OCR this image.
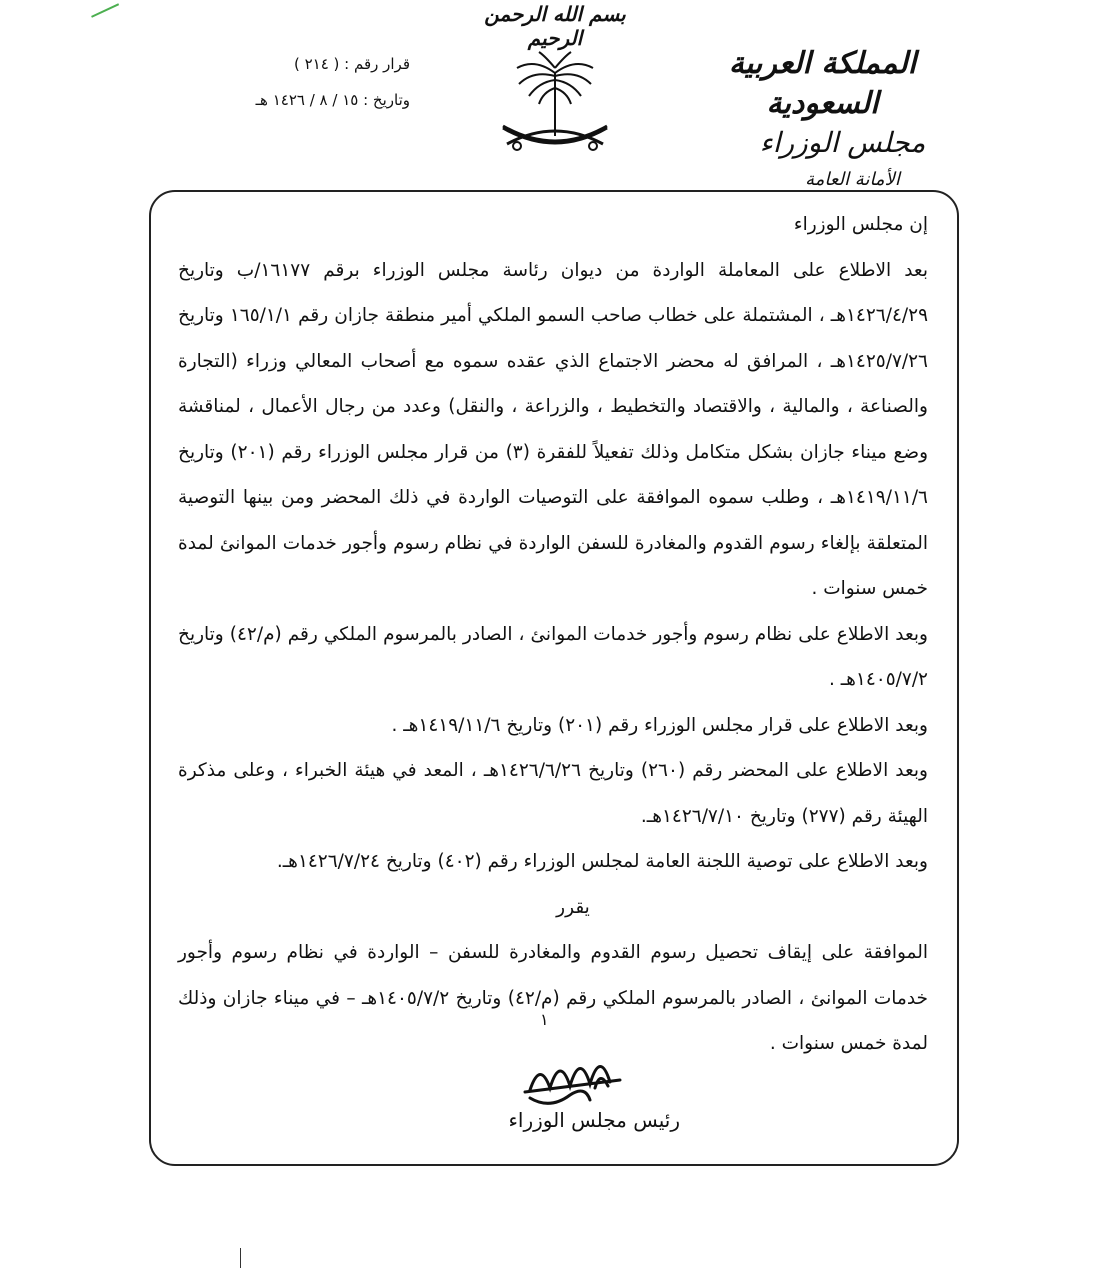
بسم الله الرحمن الرحيم
قرار رقم : ( ٢١٤ )
وتاريخ : ١٥ / ٨ / ١٤٢٦ هـ
المملكة العربية السعودية
مجلس الوزراء
الأمانة العامة

إن مجلس الوزراء

بعد الاطلاع على المعاملة الواردة من ديوان رئاسة مجلس الوزراء برقم ١٦١٧٧/ب وتاريخ ١٤٢٦/٤/٢٩هـ ، المشتملة على خطاب صاحب السمو الملكي أمير منطقة جازان رقم ١٦٥/١/١ وتاريخ ١٤٢٥/٧/٢٦هـ ، المرافق له محضر الاجتماع الذي عقده سموه مع أصحاب المعالي وزراء (التجارة والصناعة ، والمالية ، والاقتصاد والتخطيط ، والزراعة ، والنقل) وعدد من رجال الأعمال ، لمناقشة وضع ميناء جازان بشكل متكامل وذلك تفعيلاً للفقرة (٣) من قرار مجلس الوزراء رقم (٢٠١) وتاريخ ١٤١٩/١١/٦هـ ، وطلب سموه الموافقة على التوصيات الواردة في ذلك المحضر ومن بينها التوصية المتعلقة بإلغاء رسوم القدوم والمغادرة للسفن الواردة في نظام رسوم وأجور خدمات الموانئ لمدة خمس سنوات .

وبعد الاطلاع على نظام رسوم وأجور خدمات الموانئ ، الصادر بالمرسوم الملكي رقم (م/٤٢) وتاريخ ١٤٠٥/٧/٢هـ .

وبعد الاطلاع على قرار مجلس الوزراء رقم (٢٠١) وتاريخ ١٤١٩/١١/٦هـ .

وبعد الاطلاع على المحضر رقم (٢٦٠) وتاريخ ١٤٢٦/٦/٢٦هـ ، المعد في هيئة الخبراء ، وعلى مذكرة الهيئة رقم (٢٧٧) وتاريخ ١٤٢٦/٧/١٠هـ.

وبعد الاطلاع على توصية اللجنة العامة لمجلس الوزراء رقم (٤٠٢) وتاريخ ١٤٢٦/٧/٢٤هـ.

يقرر

الموافقة على إيقاف تحصيل رسوم القدوم والمغادرة للسفن – الواردة في نظام رسوم وأجور خدمات الموانئ ، الصادر بالمرسوم الملكي رقم (م/٤٢) وتاريخ ١٤٠٥/٧/٢هـ – في ميناء جازان وذلك لمدة خمس سنوات .

١
رئيس مجلس الوزراء
